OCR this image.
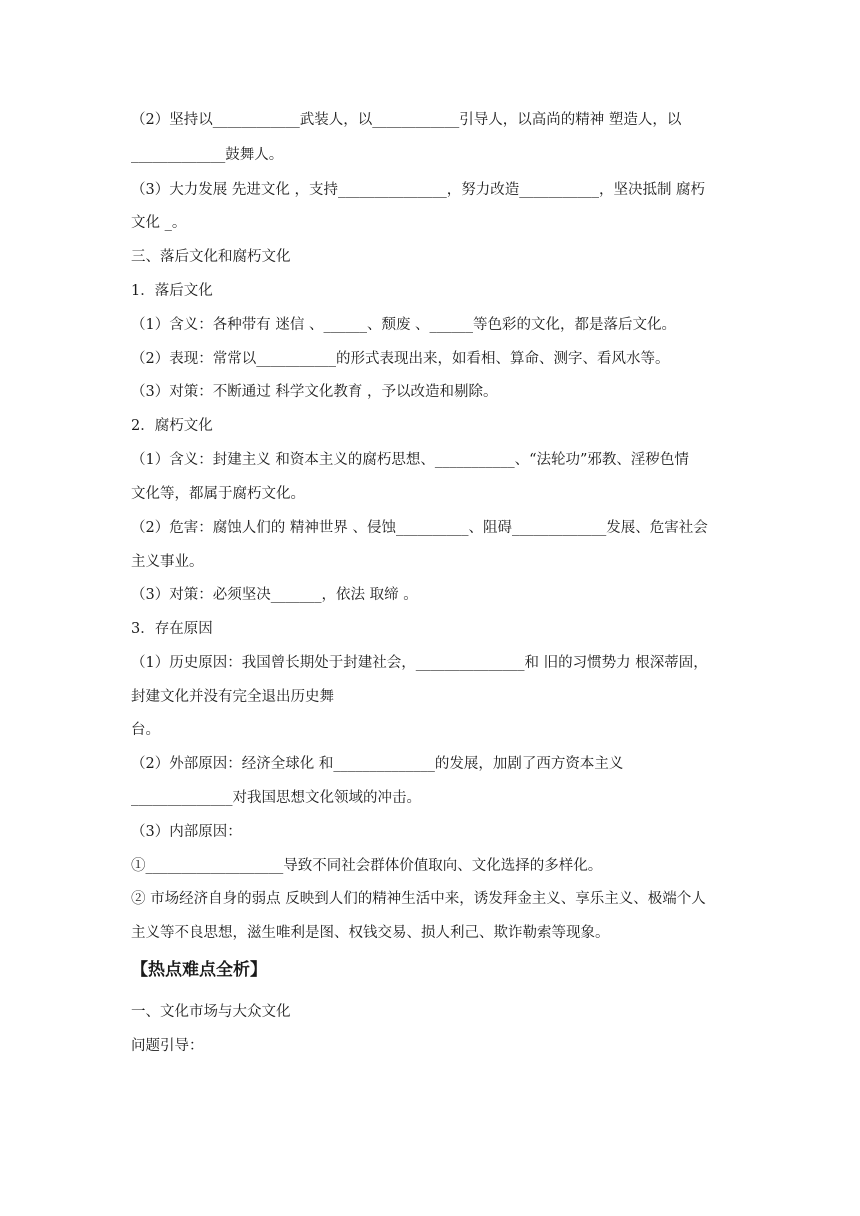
（2）坚持以____________武装人，以____________引导人，以高尚的精神 塑造人，以
_____________鼓舞人。
（3）大力发展 先进文化 ，支持_______________，努力改造___________，坚决抵制 腐朽
文化 _。
三、落后文化和腐朽文化
1．落后文化
（1）含义：各种带有 迷信 、______、颓废 、______等色彩的文化，都是落后文化。
（2）表现：常常以___________的形式表现出来，如看相、算命、测字、看风水等。
（3）对策：不断通过 科学文化教育 ，予以改造和剔除。
2．腐朽文化
（1）含义：封建主义 和资本主义的腐朽思想、___________、“法轮功”邪教、淫秽色情
文化等，都属于腐朽文化。
（2）危害：腐蚀人们的 精神世界 、侵蚀__________、阻碍_____________发展、危害社会
主义事业。
（3）对策：必须坚决_______，依法 取缔 。
3．存在原因
（1）历史原因：我国曾长期处于封建社会，_______________和 旧的习惯势力 根深蒂固，
封建文化并没有完全退出历史舞
台。
（2）外部原因：经济全球化 和______________的发展，加剧了西方资本主义
______________对我国思想文化领域的冲击。
（3）内部原因：
①___________________导致不同社会群体价值取向、文化选择的多样化。
② 市场经济自身的弱点 反映到人们的精神生活中来，诱发拜金主义、享乐主义、极端个人
主义等不良思想，滋生唯利是图、权钱交易、损人利己、欺诈勒索等现象。
【热点难点全析】
一、文化市场与大众文化
问题引导：
